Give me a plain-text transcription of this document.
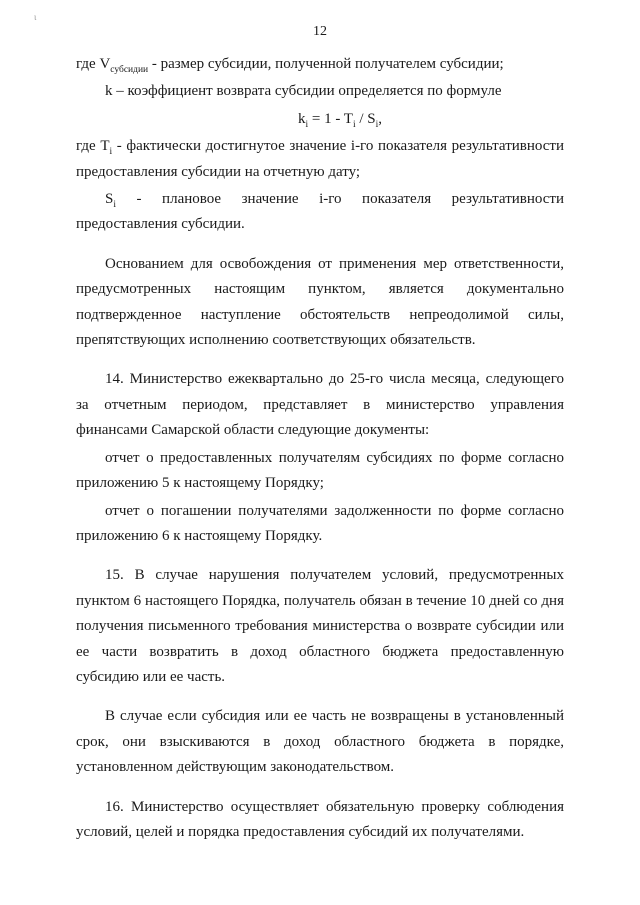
ɩ
12

где $V_{субсидии}$ - размер субсидии, полученной получателем субсидии;

k – коэффициент возврата субсидии определяется по формуле

$k_i = 1 - T_i / S_i$,

где $T_i$ - фактически достигнутое значение i-го показателя результативности предоставления субсидии на отчетную дату;

$S_i$ - плановое значение i-го показателя результативности предоставления субсидии.

Основанием для освобождения от применения мер ответственности, предусмотренных настоящим пунктом, является документально подтвержденное наступление обстоятельств непреодолимой силы, препятствующих исполнению соответствующих обязательств.

14. Министерство ежеквартально до 25-го числа месяца, следующего за отчетным периодом, представляет в министерство управления финансами Самарской области следующие документы:

отчет о предоставленных получателям субсидиях по форме согласно приложению 5 к настоящему Порядку;

отчет о погашении получателями задолженности по форме согласно приложению 6 к настоящему Порядку.

15. В случае нарушения получателем условий, предусмотренных пунктом 6 настоящего Порядка, получатель обязан в течение 10 дней со дня получения письменного требования министерства о возврате субсидии или ее части возвратить в доход областного бюджета предоставленную субсидию или ее часть.

В случае если субсидия или ее часть не возвращены в установленный срок, они взыскиваются в доход областного бюджета в порядке, установленном действующим законодательством.

16. Министерство осуществляет обязательную проверку соблюдения условий, целей и порядка предоставления субсидий их получателями.
